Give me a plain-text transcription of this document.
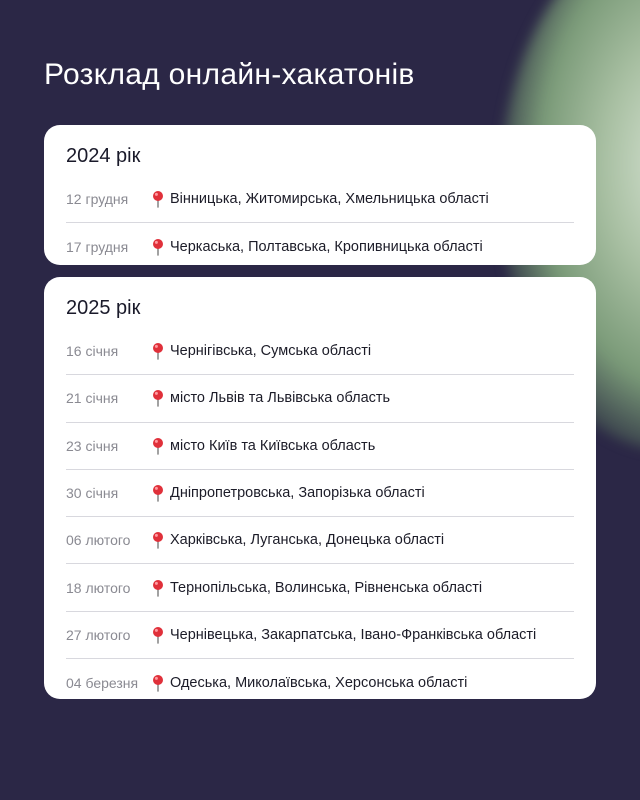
Розклад онлайн-хакатонів
2024 рік
12 грудня	Вінницька, Житомирська, Хмельницька області
17 грудня	Черкаська, Полтавська, Кропивницька області
2025 рік
16 січня	Чернігівська, Сумська області
21 січня	місто Львів та Львівська область
23 січня	місто Київ та Київська область
30 січня	Дніпропетровська, Запорізька області
06 лютого	Харківська, Луганська, Донецька області
18 лютого	Тернопільська, Волинська, Рівненська області
27 лютого	Чернівецька, Закарпатська, Івано-Франківська області
04 березня	Одеська, Миколаївська, Херсонська області
